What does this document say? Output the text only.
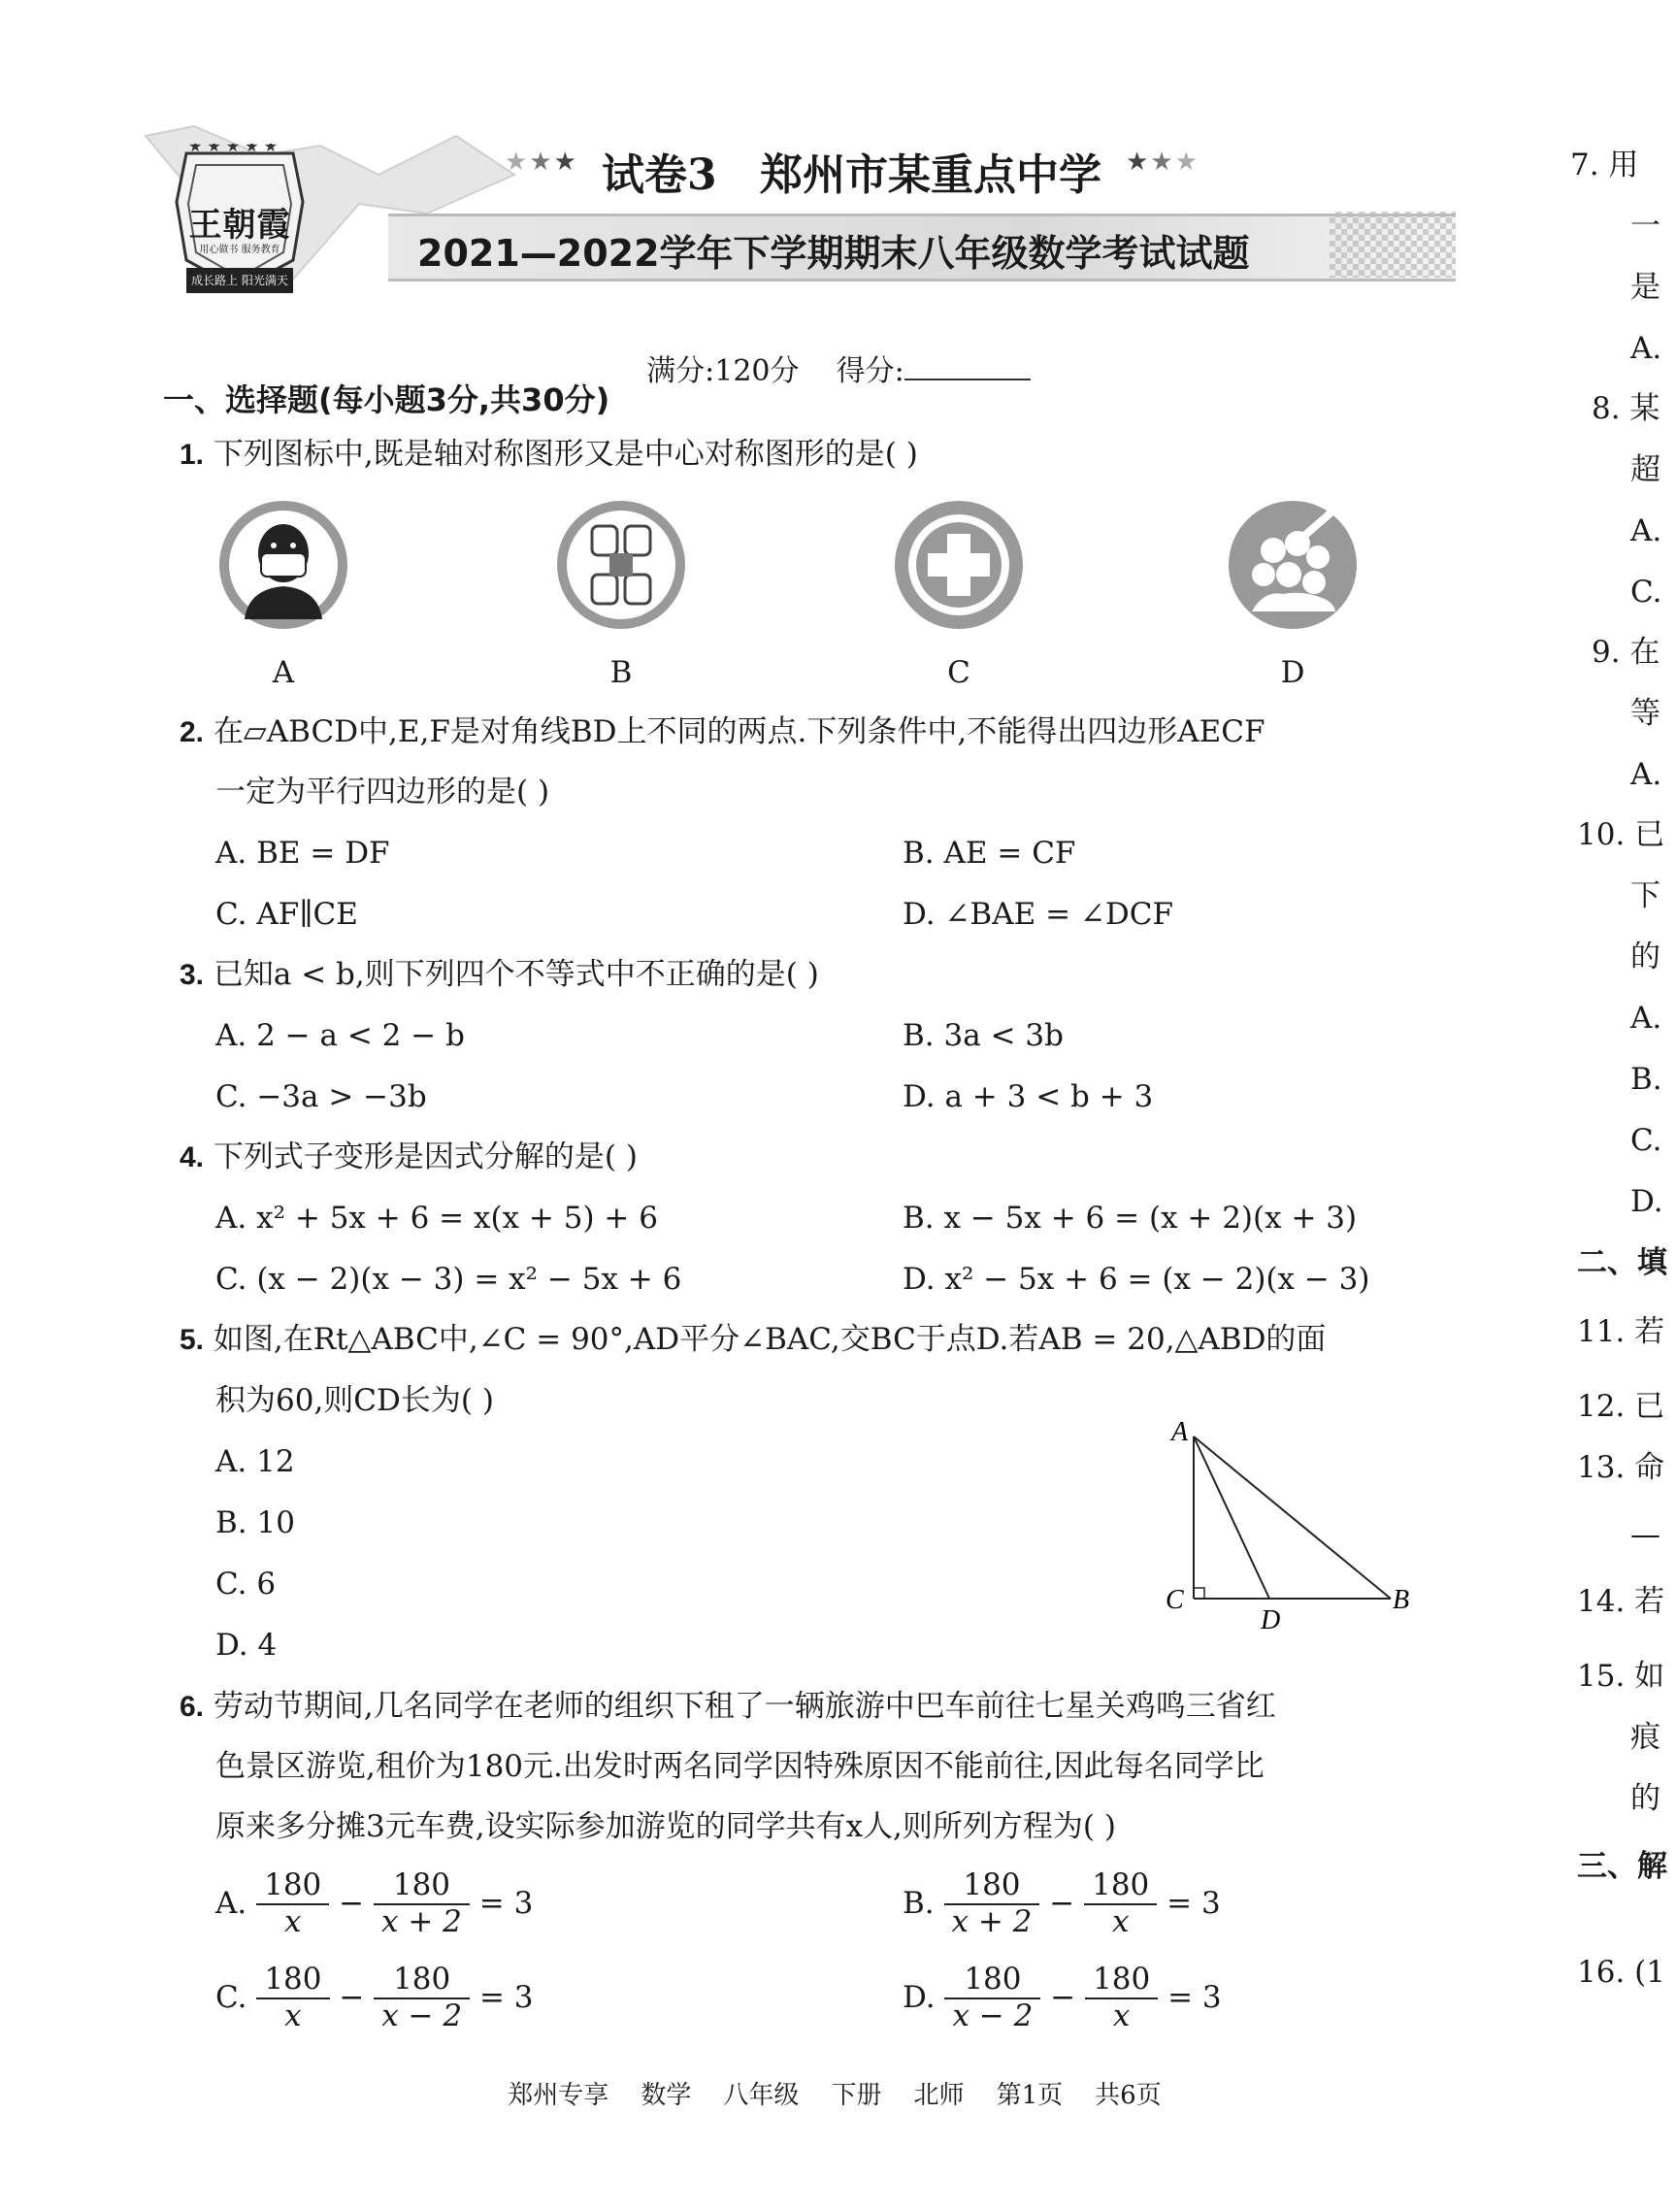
★ ★ ★ ★ ★
王朝霞
用心做书 服务教育
成长路上 阳光满天
★★★ 试卷3 郑州市某重点中学 ★★★
2021—2022学年下学期期末八年级数学考试试题

满分:120分    得分:

一、选择题(每小题3分,共30分)
1. 下列图标中,既是轴对称图形又是中心对称图形的是( )
A	B	C	D
2. 在▱ABCD中,E,F是对角线BD上不同的两点.下列条件中,不能得出四边形AECF
一定为平行四边形的是( )
A. BE = DF	B. AE = CF
C. AF∥CE	D. ∠BAE = ∠DCF
3. 已知a < b,则下列四个不等式中不正确的是( )
A. 2 − a < 2 − b	B. 3a < 3b
C. −3a > −3b	D. a + 3 < b + 3
4. 下列式子变形是因式分解的是( )
A. x² + 5x + 6 = x(x + 5) + 6	B. x − 5x + 6 = (x + 2)(x + 3)
C. (x − 2)(x − 3) = x² − 5x + 6	D. x² − 5x + 6 = (x − 2)(x − 3)
5. 如图,在Rt△ABC中,∠C = 90°,AD平分∠BAC,交BC于点D.若AB = 20,△ABD的面
积为60,则CD长为( )
A. 12
B. 10
C. 6
D. 4
A
C
D
B
6. 劳动节期间,几名同学在老师的组织下租了一辆旅游中巴车前往七星关鸡鸣三省红
色景区游览,租价为180元.出发时两名同学因特殊原因不能前往,因此每名同学比
原来多分摊3元车费,设实际参加游览的同学共有x人,则所列方程为( )
A. $\frac{180}{x} - \frac{180}{x + 2} = 3$	B. $\frac{180}{x + 2} - \frac{180}{x} = 3$
C. $\frac{180}{x} - \frac{180}{x - 2} = 3$	D. $\frac{180}{x - 2} - \frac{180}{x} = 3$
7. 用
一
是
A.
8. 某
超
A.
C.
9. 在
等
A.
10. 已
下
的
A.
B.
C.
D.
二、填
11. 若
12. 已
13. 命
—
14. 若
15. 如
痕
的
三、解
16. (1
郑州专享    数学    八年级    下册    北师    第1页    共6页
